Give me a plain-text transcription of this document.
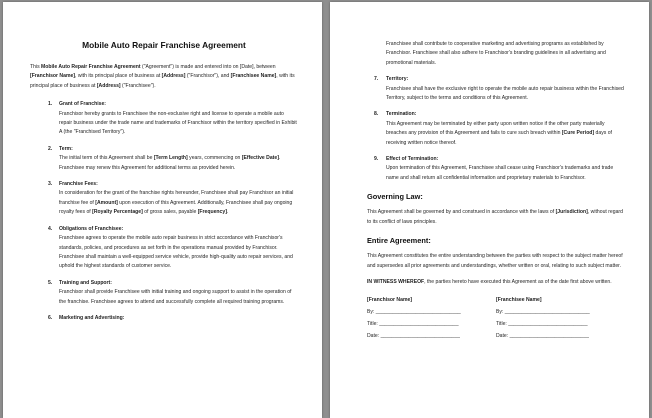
Mobile Auto Repair Franchise Agreement
This Mobile Auto Repair Franchise Agreement ("Agreement") is made and entered into on [Date], between [Franchisor Name], with its principal place of business at [Address] ("Franchisor"), and [Franchisee Name], with its principal place of business at [Address] ("Franchisee").
1. Grant of Franchise:
Franchisor hereby grants to Franchisee the non-exclusive right and license to operate a mobile auto repair business under the trade name and trademarks of Franchisor within the territory specified in Exhibit A (the "Franchised Territory").
2. Term:
The initial term of this Agreement shall be [Term Length] years, commencing on [Effective Date]. Franchisee may renew this Agreement for additional terms as provided herein.
3. Franchise Fees:
In consideration for the grant of the franchise rights hereunder, Franchisee shall pay Franchisor an initial franchise fee of [Amount] upon execution of this Agreement. Additionally, Franchisee shall pay ongoing royalty fees of [Royalty Percentage] of gross sales, payable [Frequency].
4. Obligations of Franchisee:
Franchisee agrees to operate the mobile auto repair business in strict accordance with Franchisor's standards, policies, and procedures as set forth in the operations manual provided by Franchisor. Franchisee shall maintain a well-equipped service vehicle, provide high-quality auto repair services, and uphold the highest standards of customer service.
5. Training and Support:
Franchisor shall provide Franchisee with initial training and ongoing support to assist in the operation of the franchise. Franchisee agrees to attend and successfully complete all required training programs.
6. Marketing and Advertising:
Franchisee shall contribute to cooperative marketing and advertising programs as established by Franchisor. Franchisee shall also adhere to Franchisor's branding guidelines in all advertising and promotional materials.
7. Territory:
Franchisee shall have the exclusive right to operate the mobile auto repair business within the Franchised Territory, subject to the terms and conditions of this Agreement.
8. Termination:
This Agreement may be terminated by either party upon written notice if the other party materially breaches any provision of this Agreement and fails to cure such breach within [Cure Period] days of receiving written notice thereof.
9. Effect of Termination:
Upon termination of this Agreement, Franchisee shall cease using Franchisor's trademarks and trade name and shall return all confidential information and proprietary materials to Franchisor.
Governing Law:
This Agreement shall be governed by and construed in accordance with the laws of [Jurisdiction], without regard to its conflict of laws principles.
Entire Agreement:
This Agreement constitutes the entire understanding between the parties with respect to the subject matter hereof and supersedes all prior agreements and understandings, whether written or oral, relating to such subject matter.
IN WITNESS WHEREOF, the parties hereto have executed this Agreement as of the date first above written.
[Franchisor Name]
By: ______________________________
Title: ____________________________
Date: ____________________________
[Franchisee Name]
By: ______________________________
Title: ____________________________
Date: ____________________________
